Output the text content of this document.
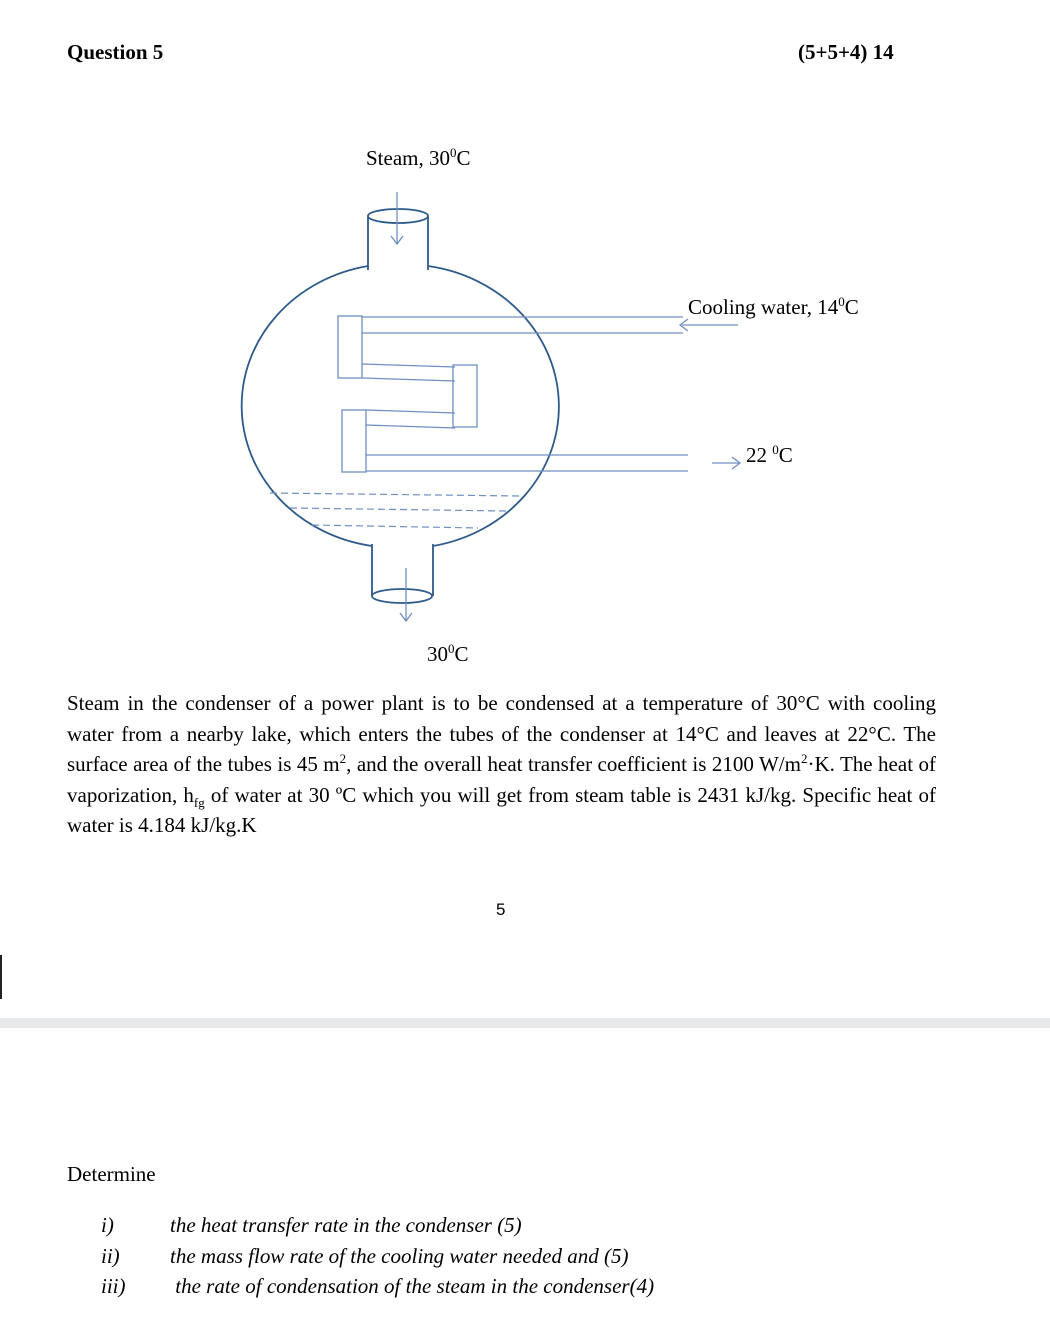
Question 5	(5+5+4) 14
Steam, $30^0C$
Cooling water, $14^0C$
22 $^0$C
$30^0C$
Steam in the condenser of a power plant is to be condensed at a temperature of 30°C with cooling water from a nearby lake, which enters the tubes of the condenser at 14°C and leaves at 22°C. The surface area of the tubes is 45 $m^2$, and the overall heat transfer coefficient is 2100 $W/m^2\cdot K$. The heat of vaporization, $h_{fg}$ of water at 30 ºC which you will get from steam table is 2431 kJ/kg. Specific heat of water is 4.184 kJ/kg.K
5
Determine
i)	the heat transfer rate in the condenser (5)
ii) the mass flow rate of the cooling water needed and (5)
iii) the rate of condensation of the steam in the condenser(4)
